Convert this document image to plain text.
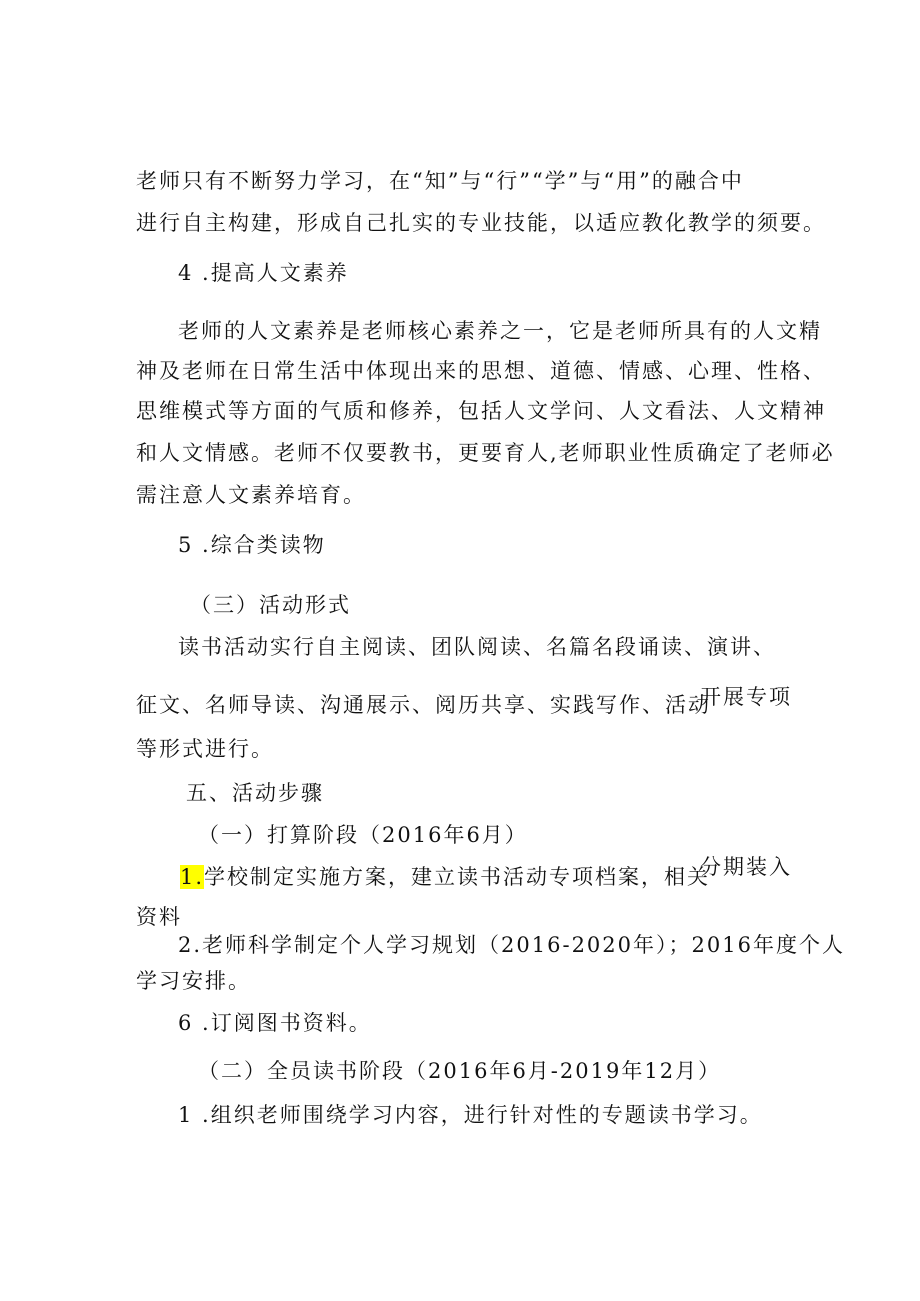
老师只有不断努力学习，在“知”与“行”“学”与“用”的融合中

进行自主构建，形成自己扎实的专业技能，以适应教化教学的须要。

4 .提高人文素养

老师的人文素养是老师核心素养之一，它是老师所具有的人文精

神及老师在日常生活中体现出来的思想、道德、情感、心理、性格、

思维模式等方面的气质和修养，包括人文学问、人文看法、人文精神

和人文情感。老师不仅要教书，更要育人,老师职业性质确定了老师必

需注意人文素养培育。

5 .综合类读物

（三）活动形式

读书活动实行自主阅读、团队阅读、名篇名段诵读、演讲、

开展专项

征文、名师导读、沟通展示、阅历共享、实践写作、活动

等形式进行。

五、活动步骤

（一）打算阶段（2016年6月）

1.学校制定实施方案，建立读书活动专项档案，相关

分期装入

资料

2.老师科学制定个人学习规划（2016-2020年）；2016年度个人

学习安排。

6 .订阅图书资料。

（二）全员读书阶段（2016年6月-2019年12月）

1 .组织老师围绕学习内容，进行针对性的专题读书学习。
